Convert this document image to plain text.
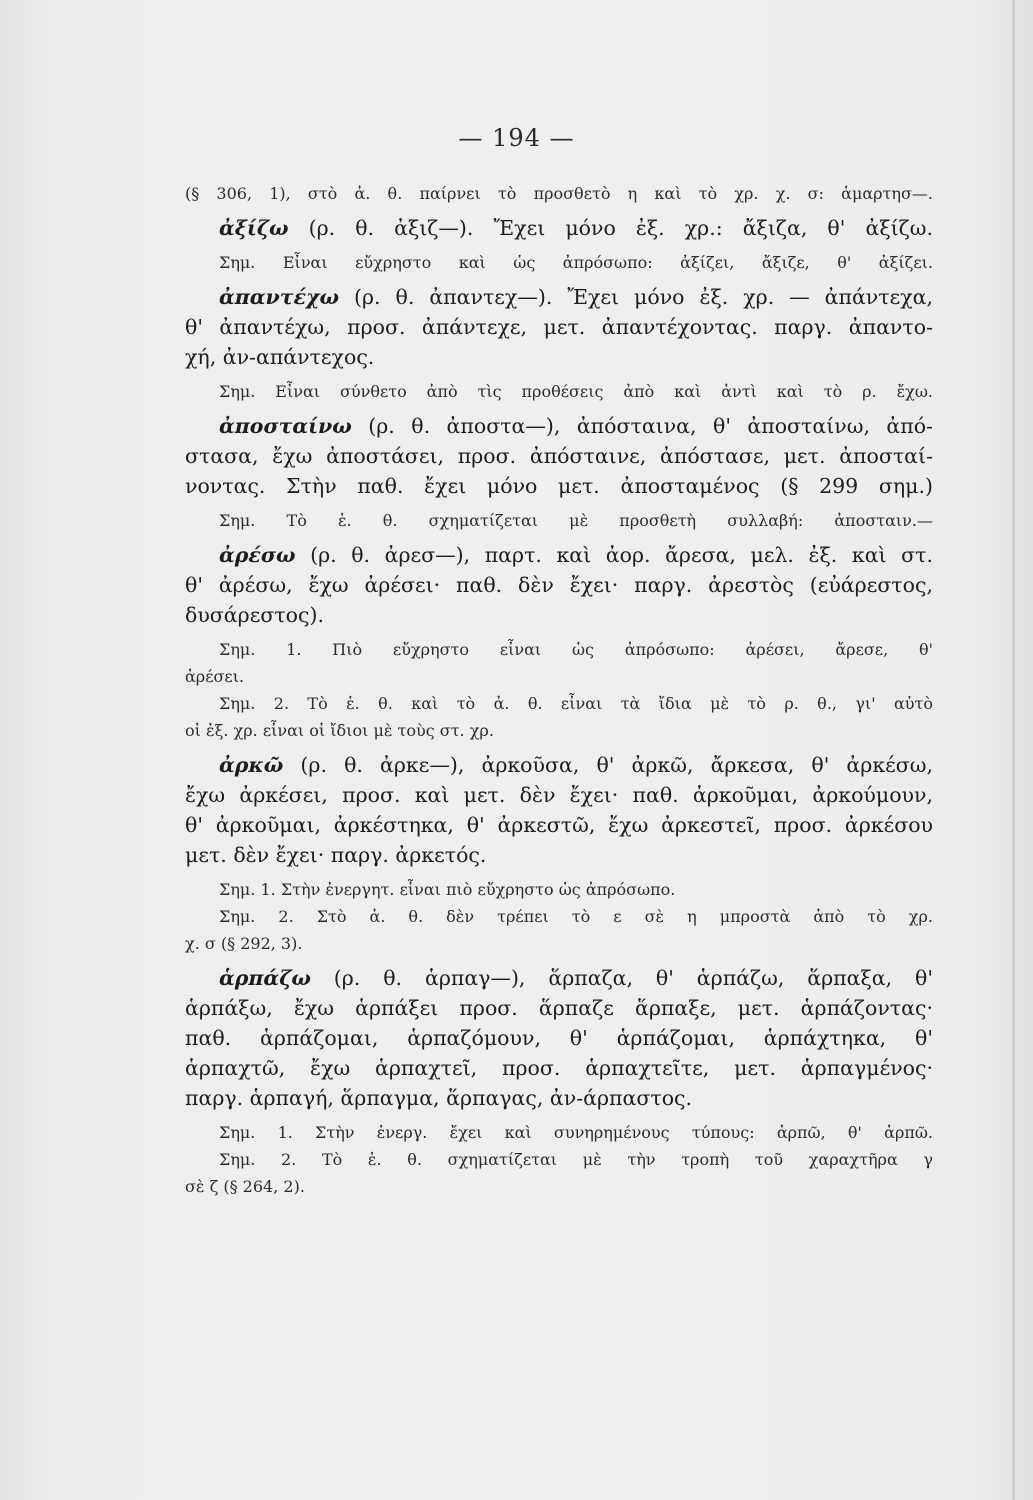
— 194 —
(§ 306, 1), στὸ ἀ. θ. παίρνει τὸ προσθετὸ η καὶ τὸ χρ. χ. σ: ἁμαρτησ—.
ἀξίζω (ρ. θ. ἀξιζ—). Ἔχει μόνο ἐξ. χρ.: ἄξιζα, θ' ἀξίζω.
Σημ. Εἶναι εὔχρηστο καὶ ὡς ἀπρόσωπο: ἀξίζει, ἄξιζε, θ' ἀξίζει.
ἀπαντέχω (ρ. θ. ἀπαντεχ—). Ἔχει μόνο ἐξ. χρ. — ἀπάντεχα,
θ' ἀπαντέχω, προσ. ἀπάντεχε, μετ. ἀπαντέχοντας. παργ. ἀπαντο-
χή, ἀν-απάντεχος.
Σημ. Εἶναι σύνθετο ἀπὸ τὶς προθέσεις ἀπὸ καὶ ἀντὶ καὶ τὸ ρ. ἔχω.
ἀποσταίνω (ρ. θ. ἀποστα—), ἀπόσταινα, θ' ἀποσταίνω, ἀπό-
στασα, ἔχω ἀποστάσει, προσ. ἀπόσταινε, ἀπόστασε, μετ. ἀποσταί-
νοντας. Στὴν παθ. ἔχει μόνο μετ. ἀποσταμένος (§ 299 σημ.)
Σημ. Τὸ ἑ. θ. σχηματίζεται μὲ προσθετὴ συλλαβή: ἀποσταιν.—
ἀρέσω (ρ. θ. ἀρεσ—), παρτ. καὶ ἀορ. ἄρεσα, μελ. ἐξ. καὶ στ.
θ' ἀρέσω, ἔχω ἀρέσει· παθ. δὲν ἔχει· παργ. ἀρεστὸς (εὐάρεστος,
δυσάρεστος).
Σημ. 1. Πιὸ εὔχρηστο εἶναι ὡς ἀπρόσωπο: ἀρέσει, ἄρεσε, θ'
ἀρέσει.
Σημ. 2. Τὸ ἑ. θ. καὶ τὸ ἀ. θ. εἶναι τὰ ἴδια μὲ τὸ ρ. θ., γι' αὐτὸ
οἱ ἐξ. χρ. εἶναι οἱ ἴδιοι μὲ τοὺς στ. χρ.
ἀρκῶ (ρ. θ. ἀρκε—), ἀρκοῦσα, θ' ἀρκῶ, ἄρκεσα, θ' ἀρκέσω,
ἔχω ἀρκέσει, προσ. καὶ μετ. δὲν ἔχει· παθ. ἀρκοῦμαι, ἀρκούμουν,
θ' ἀρκοῦμαι, ἀρκέστηκα, θ' ἀρκεστῶ, ἔχω ἀρκεστεῖ, προσ. ἀρκέσου
μετ. δὲν ἔχει· παργ. ἀρκετός.
Σημ. 1. Στὴν ἐνεργητ. εἶναι πιὸ εὔχρηστο ὡς ἀπρόσωπο.
Σημ. 2. Στὸ ἀ. θ. δὲν τρέπει τὸ ε σὲ η μπροστὰ ἀπὸ τὸ χρ.
χ. σ (§ 292, 3).
ἁρπάζω (ρ. θ. ἁρπαγ—), ἅρπαζα, θ' ἁρπάζω, ἅρπαξα, θ'
ἁρπάξω, ἔχω ἁρπάξει προσ. ἅρπαζε ἅρπαξε, μετ. ἁρπάζοντας·
παθ. ἁρπάζομαι, ἁρπαζόμουν, θ' ἁρπάζομαι, ἁρπάχτηκα, θ'
ἁρπαχτῶ, ἔχω ἁρπαχτεῖ, προσ. ἁρπαχτεῖτε, μετ. ἁρπαγμένος·
παργ. ἁρπαγή, ἅρπαγμα, ἅρπαγας, ἀν-άρπαστος.
Σημ. 1. Στὴν ἐνεργ. ἔχει καὶ συνηρημένους τύπους: ἁρπῶ, θ' ἁρπῶ.
Σημ. 2. Τὸ ἑ. θ. σχηματίζεται μὲ τὴν τροπὴ τοῦ χαραχτῆρα γ
σὲ ζ (§ 264, 2).
